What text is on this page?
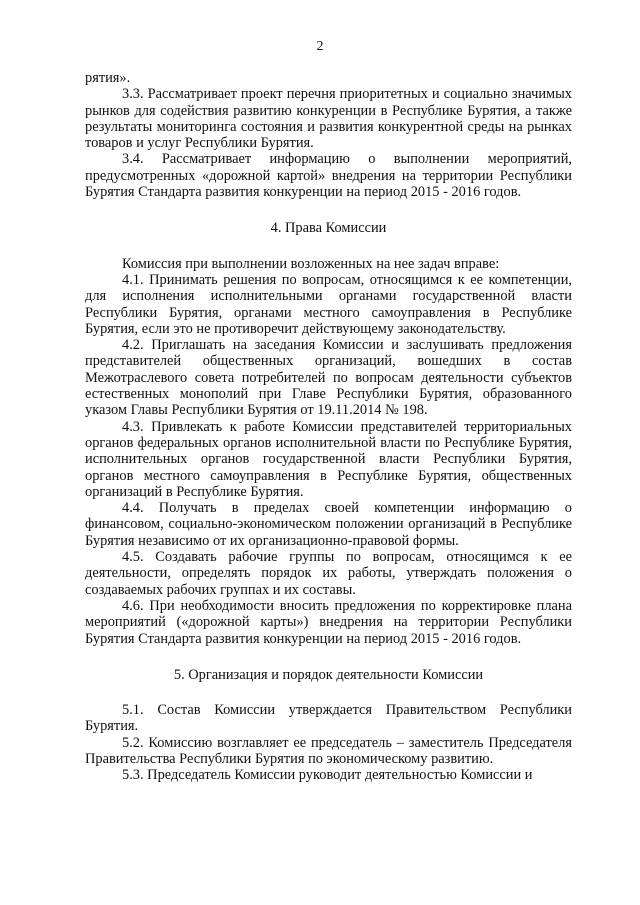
2

рятия».

3.3. Рассматривает проект перечня приоритетных и социально значимых рынков для содействия развитию конкуренции в Республике Бурятия, а также результаты мониторинга состояния и развития конкурентной среды на рынках товаров и услуг Республики Бурятия.

3.4. Рассматривает информацию о выполнении мероприятий, предусмотренных «дорожной картой» внедрения на территории Республики Бурятия Стандарта развития конкуренции на период 2015 - 2016 годов.

4. Права Комиссии

Комиссия при выполнении возложенных на нее задач вправе:

4.1. Принимать решения по вопросам, относящимся к ее компетенции, для исполнения исполнительными органами государственной власти Республики Бурятия, органами местного самоуправления в Республике Бурятия, если это не противоречит действующему законодательству.

4.2. Приглашать на заседания Комиссии и заслушивать предложения представителей общественных организаций, вошедших в состав Межотраслевого совета потребителей по вопросам деятельности субъектов естественных монополий при Главе Республики Бурятия, образованного указом Главы Республики Бурятия от 19.11.2014 № 198.

4.3. Привлекать к работе Комиссии представителей территориальных органов федеральных органов исполнительной власти по Республике Бурятия, исполнительных органов государственной власти Республики Бурятия, органов местного самоуправления в Республике Бурятия, общественных организаций в Республике Бурятия.

4.4. Получать в пределах своей компетенции информацию о финансовом, социально-экономическом положении организаций в Республике Бурятия независимо от их организационно-правовой формы.

4.5. Создавать рабочие группы по вопросам, относящимся к ее деятельности, определять порядок их работы, утверждать положения о создаваемых рабочих группах и их составы.

4.6. При необходимости вносить предложения по корректировке плана мероприятий («дорожной карты») внедрения на территории Республики Бурятия Стандарта развития конкуренции на период 2015 - 2016 годов.

5. Организация и порядок деятельности Комиссии

5.1. Состав Комиссии утверждается Правительством Республики Бурятия.

5.2. Комиссию возглавляет ее председатель – заместитель Председателя Правительства Республики Бурятия по экономическому развитию.

5.3. Председатель Комиссии руководит деятельностью Комиссии и
